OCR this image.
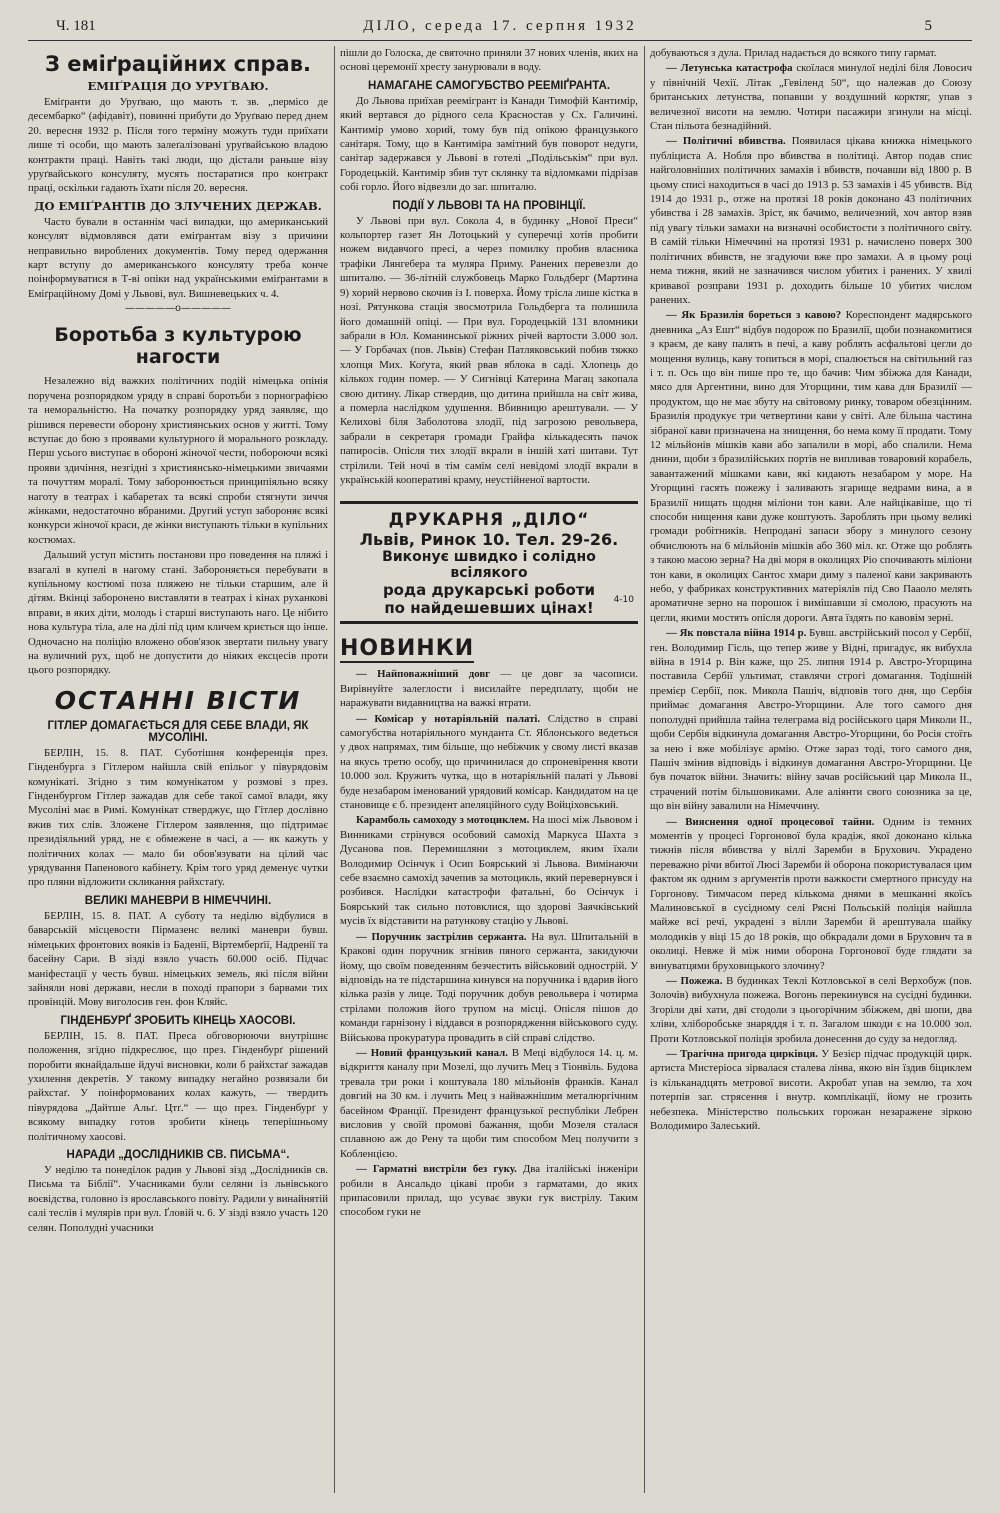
Ч. 181	ДІЛО, середа 17. серпня 1932	5
З еміґраційних справ.
ЕМІҐРАЦІЯ ДО УРУҐВАЮ.

Еміґранти до Уруґваю, що мають т. зв. „пермісо де десембарко“ (афідавіт), повинні прибути до Уруґваю перед днем 20. вересня 1932 р. Після того терміну можуть туди приїхати лише ті особи, що мають залеґалізовані уруґвайською владою контракти праці. Навіть такі люди, що дістали раньше візу уруґвайського консуляту, мусять постаратися про контракт праці, оскільки гадають їхати після 20. вересня.

ДО ЕМІҐРАНТІВ ДО ЗЛУЧЕНИХ ДЕРЖАВ.

Часто бували в останнім часі випадки, що американський консулят відмовлявся дати еміґрантам візу з причини неправильно вироблених документів. Тому перед одержання карт вступу до американського консуляту треба конче поінформуватися в Т-ві опіки над українськими еміґрантами в Еміґраційному Домі у Львові, вул. Вишневецьких ч. 4.

—————о—————
Боротьба з культурою нагости

Незалежно від важких політичних подій німецька опінія поручена розпорядком уряду в справі боротьби з порнографією та неморальністю. На початку розпорядку уряд заявляє, що рішився перевести оборону християнських основ у житті. Тому вступає до бою з проявами культурного й морального розкладу. Перш усього виступає в обороні жіночої чести, побороючи всякі прояви здичіння, незгідні з християнсько-німецькими звичаями та почуттям моралі. Тому заборонюється принципіяльно всяку наготу в театрах і кабаретах та всякі спроби стягнути зиччя жінками, недостаточно вбраними. Другий уступ забороняє всякі конкурси жіночої краси, де жінки виступають тільки в купільних костюмах.

Дальший уступ містить постанови про поведення на пляжі і взагалі в купелі в нагому стані. Забороняється перебувати в купільному костюмі поза пляжею не тільки старшим, але й дітям. Вкінці заборонено виставляти в театрах і кінах руханкові вправи, в яких діти, молодь і старші виступають наго. Це нібито нова культура тіла, але на ділі під цим кличем криється що інше. Одночасно на поліцію вложено обов'язок звертати пильну увагу на вуличний рух, щоб не допустити до ніяких ексцесів проти цього розпорядку.

ОСТАННІ ВІСТИ
ГІТЛЕР ДОМАГАЄТЬСЯ ДЛЯ СЕБЕ ВЛАДИ, ЯК МУСОЛІНІ.

БЕРЛІН, 15. 8. ПАТ. Суботішня конференція през. Гінденбурга з Гітлером найшла свій епільог у півурядовім комунікаті. Згідно з тим комунікатом у розмові з през. Гінденбургом Гітлер зажадав для себе такої самої влади, яку Мусоліні має в Римі. Комунікат стверджує, що Гітлер дослівно вжив тих слів. Зложене Гітлером заявлення, що підтримає президіяльний уряд, не є обмежене в часі, а — як кажуть у політичних колах — мало би обов'язувати на цілий час урядування Папенового кабінету. Крім того уряд деменує чутки про пляни відложити скликання райхстаґу.

ВЕЛИКІ МАНЕВРИ В НІМЕЧЧИНІ.

БЕРЛІН, 15. 8. ПАТ. А суботу та неділю відбулися в баварській місцевости Пірмазенс великі маневри бувш. німецьких фронтових вояків із Баденії, Віртемберґії, Надренії та басейну Сари. В зізді взяло участь 60.000 осіб. Підчас маніфестації у честь бувш. німецьких земель, які після війни зайняли нові держави, несли в поході прапори з барвами тих провінцій. Мову виголосив ген. фон Кляйс.

ГІНДЕНБУРҐ ЗРОБИТЬ КІНЕЦЬ ХАОСОВІ.

БЕРЛІН, 15. 8. ПАТ. Преса обговорюючи внутрішнє положення, згідно підкреслює, що през. Гінденбурґ рішений поробити якнайдальше йдучі висновки, коли б райхстаґ зажадав ухилення декретів. У такому випадку негайно розвязали би райхстаґ. У поінформованих колах кажуть, — твердить півурядова „Дайтше Альґ. Цтґ.“ — що през. Гінденбурґ у всякому випадку готов зробити кінець теперішньому політичному хаосові.

НАРАДИ „ДОСЛІДНИКІВ СВ. ПИСЬМА“.

У неділю та понеділок радив у Львові зізд „Дослідників св. Письма та Біблії“. Учасниками були селяни із львівського воєвідства, головно із ярославського повіту. Радили у винайнятій салі теслів і мулярів при вул. Ґловій ч. 6. У зізді взяло участь 120 селян. Пополудні учасники

пішли до Голоска, де святочно приняли 37 нових членів, яких на основі церемонії хресту занурювали в воду.

НАМАГАНЕ САМОГУБСТВО РЕЕМІҐРАНТА.

До Львова приїхав реемігрант із Канади Тимофій Кантимір, який вертався до рідного села Красностав у Сх. Галичині. Кантимір умово хорий, тому був під опікою французького санітаря. Тому, що в Кантиміра замітний був поворот недуги, санітар задержався у Львові в готелі „Подільськім“ при вул. Городецькій. Кантимір збив тут склянку та відломками підрізав собі горло. Його відвезли до заг. шпиталю.

ПОДІЇ У ЛЬВОВІ ТА НА ПРОВІНЦІЇ.

У Львові при вул. Сокола 4, в будинку „Нової Преси“ кольпортер газет Ян Лотоцький у суперечці хотів пробити ножем видавчого пресі, а через помилку пробив власника трафіки Лянгебера та муляра Приму. Ранених перевезли до шпиталю. — 36-літній службовець Марко Гольдберг (Мартина 9) хорий нервово скочив із I. поверха. Йому трісла лише кістка в нозі. Рятункова стація звосмотрила Гольдберга та полишила його домашній опіці. — При вул. Городецькій 131 вломники забрали в Юл. Команинської ріжних річей вартости 3.000 зол. — У Горбачах (пов. Львів) Стефан Патляковський побив тяжко хлопця Мих. Коґута, який рвав яблока в саді. Хлопець до кількох годин помер. — У Сигнівці Катерина Магац закопала свою дитину. Лікар ствердив, що дитина прийшла на світ жива, а померла наслідком удушення. Вбивницю арештували. — У Келихові біля Заболотова злодії, під загрозою револьвера, забрали в секретаря громади Грайфа кількадесять пачок папиросів. Опісля тих злодії вкрали в іншій хаті шитави. Тут стрілили. Тей ночі в тім самім селі невідомі злодії вкрали в українській кооперативі краму, неустійненої вартости.

ДРУКАРНЯ „ДІЛО“
Львів, Ринок 10. Тел. 29-26.
Виконує швидко і солідно всілякого
рода друкарські роботи
4-10
по найдешевших цінах!
НОВИНКИ

— Найповажніший довг — це довг за часописи. Вирівнуйте залеглости і висилайте передплату, щоби не наражувати видавництва на важкі втрати.

— Комісар у нотаріяльній палаті. Слідство в справі самогубства нотаріяльного мунданта Ст. Яблонського ведеться у двох напрямах, тим більше, що небіжчик у свому листі вказав на якусь третю особу, що причинилася до спроневірення квоти 10.000 зол. Кружить чутка, що в нотаріяльній палаті у Львові буде незабаром іменований урядовий комісар. Кандидатом на це становище є б. президент апеляційного суду Войціховський.

Карамболь самоходу з мотоциклем. На шосі між Львовом і Винниками стрінувся особовий самохід Маркуса Шахта з Дусанова пов. Перемишляни з мотоциклем, яким їхали Володимир Осінчук і Осип Боярський зі Львова. Вимінаючи себе взаємно самохід зачепив за мотоцикль, який перевернувся і розбився. Наслідки катастрофи фатальні, бо Осінчук і Боярський так сильно потовклися, що здорові Заячківський мусів їх відставити на ратункову стацію у Львові.

— Поручник застрілив сержанта. На вул. Шпитальній в Кракові один поручник згнівив пяного сержанта, закидуючи йому, що своїм поведенням безчестить військовий однострій. У відповідь на те підстаршина кинувся на поручника і вдарив його кілька разів у лице. Тоді поручник добув револьвера і чотирма стрілами положив його трупом на місці. Опісля пішов до команди гарнізону і віддався в розпорядження військового суду. Військова прокуратура провадить в сій справі слідство.

— Новий французький канал. В Меці відбулося 14. ц. м. відкриття каналу при Мозелі, що лучить Мец з Тіонвіль. Будова тревала три роки і коштувала 180 мільйонів франків. Канал довгий на 30 км. і лучить Мец з найважнішим металюргічним басейном Франції. Президент французької республіки Лебрен висловив у своїй промові бажання, щоби Мозеля сталася сплавною аж до Рену та щоби тим способом Мец получити з Кобленцією.

— Гарматні вистріли без гуку. Два італійські інженіри робили в Ансальдо цікаві проби з гарматами, до яких припасовили прилад, що усуває звуки гук вистрілу. Таким способом гуки не

добуваються з дула. Прилад надається до всякого типу гармат.

— Летунська катастрофа скоїлася минулої неділі біля Ловосич у північній Чехії. Літак „Гевіленд 50“, що належав до Союзу британських летунства, попавши у воздушний корктяг, упав з величезної висоти на землю. Чотири пасажири згинули на місці. Стан пільота безнадійний.

— Політичні вбивства. Появилася цікава книжка німецького публіциста А. Нобля про вбивства в політиці. Автор подав спис найголовніших політичних замахів і вбивств, почавши від 1800 р. В цьому списі находиться в часі до 1913 р. 53 замахів і 45 убивств. Від 1914 до 1931 р., отже на протязі 18 років доконано 43 політичних убивства і 28 замахів. Зріст, як бачимо, величезний, хоч автор взяв під увагу тільки замахи на визначні особистости з політичного світу. В самій тільки Німеччині на протязі 1931 р. начислено поверх 300 політичних вбивств, не згадуючи вже про замахи. А в цьому році нема тижня, який не зазначився числом убитих і ранених. У хвилі кривавої розправи 1931 р. доходить більше 10 убитих числом ранених.

— Як Бразилія бореться з кавою? Кореспондент мадярського дневника „Аз Ешт“ відбув подорож по Бразилії, щоби познакомитися з краєм, де каву палять в печі, а каву роблять асфальтові цегли до мощення вулиць, каву топиться в морі, спалюється на світильний газ і т. п. Ось що він пише про те, що бачив: Чим збіжжа для Канади, мясо для Аргентини, вино для Угорщини, тим кава для Бразилії — продуктом, що не має збуту на світовому ринку, товаром обезцінним. Бразилія продукує три четвертини кави у світі. Але більша частина зібраної кави призначена на знищення, бо нема кому її продати. Тому 12 мільйонів мішків кави або запалили в морі, або спалили. Нема днини, щоби з бразилійських портів не випливав товаровий корабель, завантажений мішками кави, які кидають незабаром у море. На Угорщині гасять пожежу і заливають згарище ведрами вина, а в Бразилії нищать щодня міліони тон кави. Але найцікавіше, що ті способи нищення кави дуже коштують. Зароблять при цьому великі громади робітників. Непродані запаси збору з минулого сезону обчислюють на 6 мільйонів мішків або 360 міл. кг. Отже що роблять з такою масою зерна? На дві моря в околицях Ріо спочивають міліони тон кави, в околицях Сантос хмари диму з паленої кави закривають небо, у фабриках конструктивних матеріялів під Сво Пааоло мелять ароматичне зерно на порошок і вимішавши зі смолою, прасують на цегли, якими мостять опісля дороги. Авта їздять по кавовім зерні.

— Як повстала війна 1914 р. Бувш. австрійський посол у Сербії, ген. Володимир Гісль, що тепер живе у Відні, пригадує, як вибухла війна в 1914 р. Він каже, що 25. липня 1914 р. Австро-Угорщина поставила Сербії ультимат, ставлячи строгі домагання. Тодішній премієр Сербії, пок. Микола Пашіч, відповів того дня, що Сербія приймає домагання Австро-Угорщини. Але того самого дня пополудні прийшла тайна телеграма від російського царя Миколи II., щоби Сербія відкинула домагання Австро-Угорщини, бо Росія стоїть за нею і вже мобілізує армію. Отже зараз тоді, того самого дня, Пашіч змінив відповідь і відкинув домагання Австро-Угорщини. Це був початок війни. Значить: війну зачав російський цар Микола II., страчений потім більшовиками. Але аліянти свого союзника за це, що він війну завалили на Німеччину.

— Вияснення одної процесової тайни. Одним із темних моментів у процесі Горгонової була крадіж, якої доконано кілька тижнів після вбивства у віллі Заремби в Брухович. Украдено переважно річи вбитої Люсі Заремби й оборона покористувалася цим фактом як одним з арґументів проти важкости смертного присуду на Горгонову. Тимчасом перед кількома днями в мешканні якоїсь Малиновської в сусідному селі Рясні Польській поліція найшла майже всі речі, украдені з вілли Заремби й арештувала шайку молодиків у віці 15 до 18 років, що обкрадали доми в Брухович та в околиці. Невже й між ними оборона Горгонової буде глядати за винуватцями бруховицького злочину?

— Пожежа. В будинках Теклі Котловської в селі Верхобуж (пов. Золочів) вибухнула пожежа. Вогонь перекинувся на сусідні будинки. Згоріли дві хати, дві стодоли з цьогорічним збіжжем, дві шопи, два хліви, хліборобське знаряддя і т. п. Загалом шкоди є на 10.000 зол. Проти Котловської поліція зробила донесення до суду за недогляд.

— Трагічна пригода цирківця. У Безієр підчас продукцій цирк. артиста Мистеріоса зірвалася сталева лінва, якою він їздив біциклем із кільканадцять метрової висоти. Акробат упав на землю, та хоч потерпів заг. стрясення і внутр. комплікації, йому не грозить небезпека. Міністерство польських горожан незаражене зіркою Володимиро Залеський.
